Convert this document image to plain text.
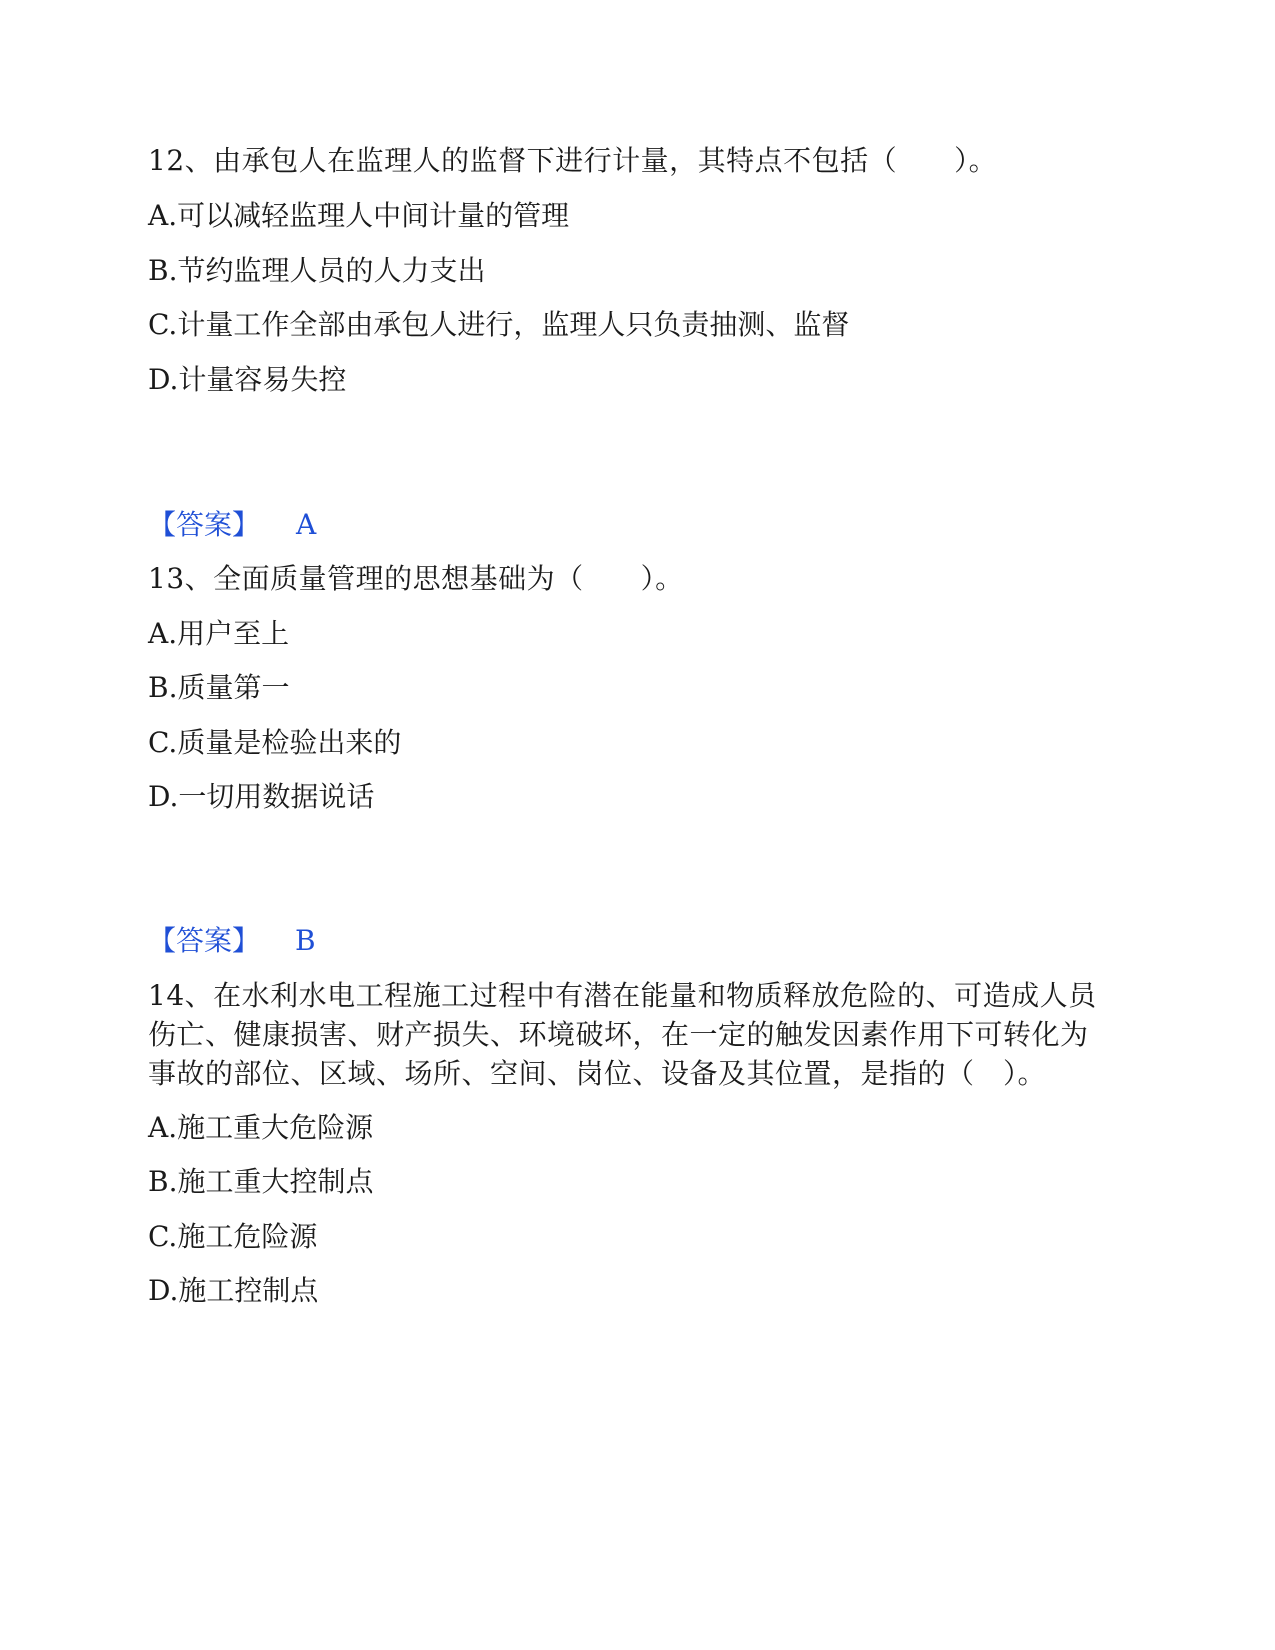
12、由承包人在监理人的监督下进行计量，其特点不包括（　　）。
A.可以减轻监理人中间计量的管理
B.节约监理人员的人力支出
C.计量工作全部由承包人进行，监理人只负责抽测、监督
D.计量容易失控
【答案】 A
13、全面质量管理的思想基础为（　　）。
A.用户至上
B.质量第一
C.质量是检验出来的
D.一切用数据说话
【答案】 B
14、在水利水电工程施工过程中有潜在能量和物质释放危险的、可造成人员
伤亡、健康损害、财产损失、环境破坏，在一定的触发因素作用下可转化为
事故的部位、区域、场所、空间、岗位、设备及其位置，是指的（　）。
A.施工重大危险源
B.施工重大控制点
C.施工危险源
D.施工控制点
